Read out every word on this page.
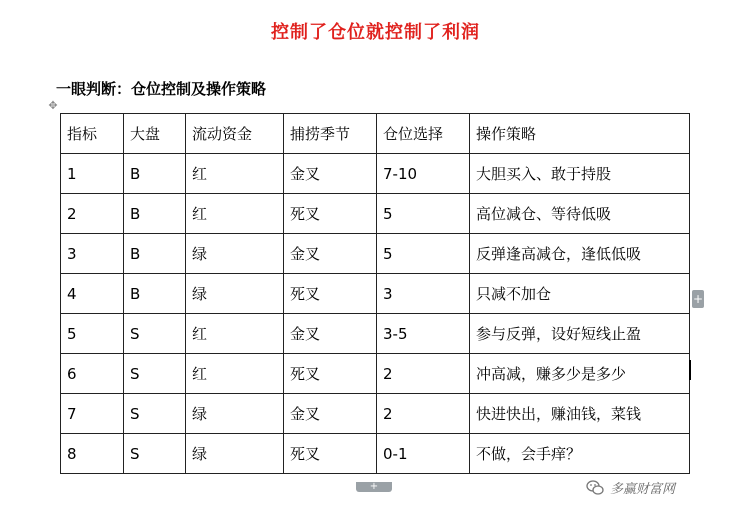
控制了仓位就控制了利润
一眼判断：仓位控制及操作策略
✥
指标	大盘	流动资金	捕捞季节	仓位选择	操作策略
1	B	红	金叉	7-10	大胆买入、敢于持股
2	B	红	死叉	5	高位减仓、等待低吸
3	B	绿	金叉	5	反弹逢高减仓，逢低低吸
4	B	绿	死叉	3	只减不加仓
5	S	红	金叉	3-5	参与反弹，设好短线止盈
6	S	红	死叉	2	冲高减，赚多少是多少
7	S	绿	金叉	2	快进快出，赚油钱，菜钱
8	S	绿	死叉	0-1	不做，会手痒？
+
+	多赢财富网
